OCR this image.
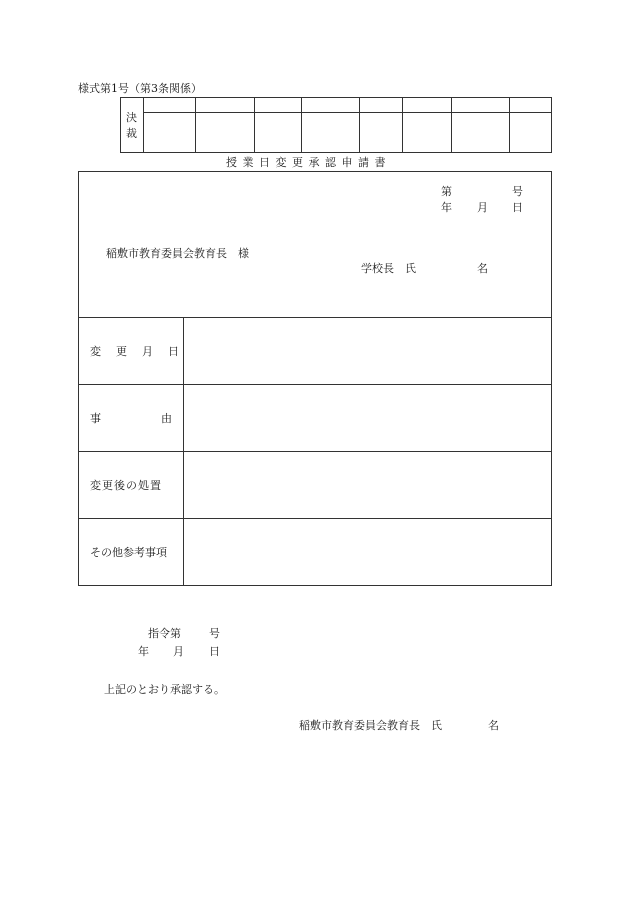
様式第1号（第3条関係）
決
裁
授 業 日 変 更 承 認 申 請 書
第	号
年 月 日
稲敷市教育委員会教育長　様
学校長　氏	名
変　更　月　日
事	由
変更後の処置
その他参考事項
指令第	号
年 月 日
上記のとおり承認する。
稲敷市教育委員会教育長　氏	名
